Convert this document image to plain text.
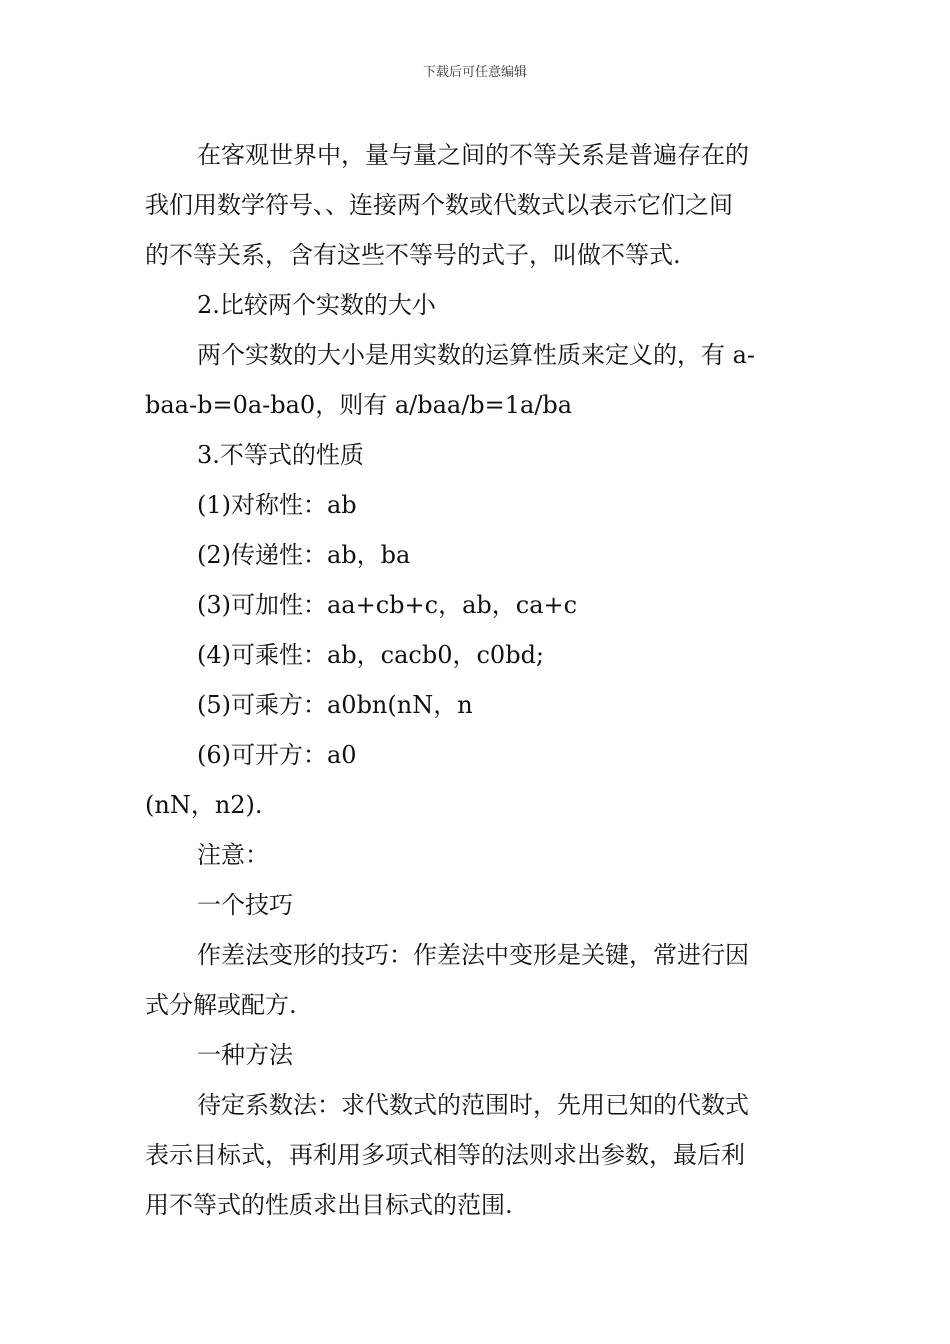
下载后可任意编辑
在客观世界中，量与量之间的不等关系是普遍存在的
我们用数学符号、、连接两个数或代数式以表示它们之间
的不等关系，含有这些不等号的式子，叫做不等式.
2.比较两个实数的大小
两个实数的大小是用实数的运算性质来定义的，有 a-
baa-b=0a-ba0，则有 a/baa/b=1a/ba
3.不等式的性质
(1)对称性：ab
(2)传递性：ab，ba
(3)可加性：aa+cb+c，ab，ca+c
(4)可乘性：ab，cacb0，c0bd;
(5)可乘方：a0bn(nN，n
(6)可开方：a0
(nN，n2).
注意：
一个技巧
作差法变形的技巧：作差法中变形是关键，常进行因
式分解或配方.
一种方法
待定系数法：求代数式的范围时，先用已知的代数式
表示目标式，再利用多项式相等的法则求出参数，最后利
用不等式的性质求出目标式的范围.
